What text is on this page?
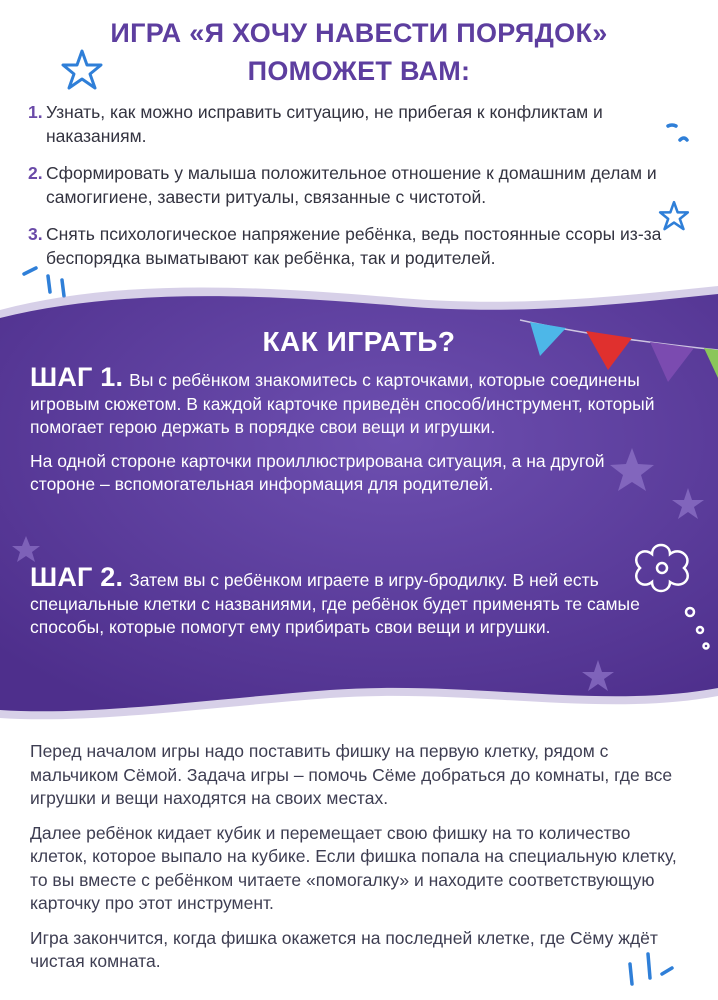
ИГРА «Я ХОЧУ НАВЕСТИ ПОРЯДОК»
ПОМОЖЕТ ВАМ:
1. Узнать, как можно исправить ситуацию, не прибегая к конфликтам и наказаниям.
2. Сформировать у малыша положительное отношение к домашним делам и самогигиене, завести ритуалы, связанные с чистотой.
3. Снять психологическое напряжение ребёнка, ведь постоянные ссоры из-за беспорядка выматывают как ребёнка, так и родителей.
КАК ИГРАТЬ?

ШАГ 1. Вы с ребёнком знакомитесь с карточками, которые соединены игровым сюжетом. В каждой карточке приведён способ/инструмент, который помогает герою держать в порядке свои вещи и игрушки.

На одной стороне карточки проиллюстрирована ситуация, а на другой стороне – вспомогательная информация для родителей.

ШАГ 2. Затем вы с ребёнком играете в игру-бродилку. В ней есть специальные клетки с названиями, где ребёнок будет применять те самые способы, которые помогут ему прибирать свои вещи и игрушки.

Перед началом игры надо поставить фишку на первую клетку, рядом с мальчиком Сёмой. Задача игры – помочь Сёме добраться до комнаты, где все игрушки и вещи находятся на своих местах.

Далее ребёнок кидает кубик и перемещает свою фишку на то количество клеток, которое выпало на кубике. Если фишка попала на специальную клетку, то вы вместе с ребёнком читаете «помогалку» и находите соответствующую карточку про этот инструмент.

Игра закончится, когда фишка окажется на последней клетке, где Сёму ждёт чистая комната.
